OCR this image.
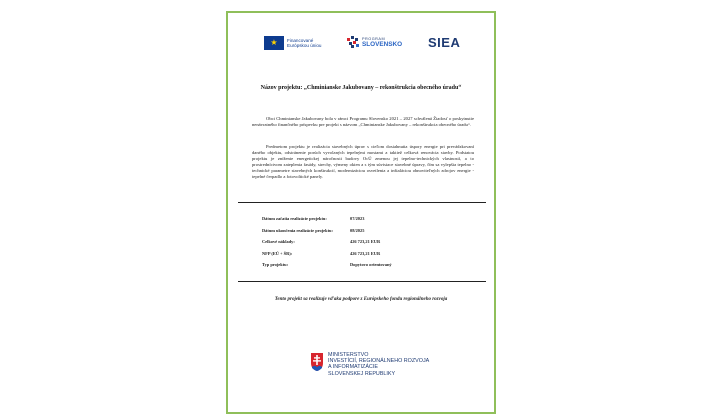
★	Financované
Európskou úniou
PROGRAM
SLOVENSKO SIEA
Názov projektu: „Chminianske Jakubovany – rekonštrukcia obecného úradu“

Obci Chminianske Jakubovany bola v rámci Programu Slovensko 2021 – 2027 schválená Žiadosť o poskytnutie nenávratného finančného príspevku pre projekt s názvom „Chminianske Jakubovany – rekonštrukcia obecného úradu“.

Predmetom projektu je realizácia stavebných úprav s cieľom dosiahnutia úspory energie pri prevádzkovaní daného objektu, odstránenie porúch vyvolaných tepelnými mostami a taktiež celková renovácia stavby. Podstatou projektu je zníženie energetickej náročnosti budovy OcÚ zmenou jej tepelno-technických vlastností, a to prostredníctvom zateplenia fasády, strechy, výmeny okien a s tým súvisiace stavebné úpravy, čím sa vylepšia tepelno - technické parametre stavebných konštrukcií, modernizáciou osvetlenia a inštaláciou obnoviteľných zdrojov energie - tepelné čerpadlo a fotovoltické panely.

Dátum začatia realizácie projektu:	07/2023
Dátum ukončenia realizácie projektu:	08/2025
Celkové náklady:	426 723,21 EUR
NFP (EÚ + ŠR):	426 723,21 EUR
Typ projektu:	Dopytovo orientovaný
Tento projekt sa realizuje vďaka podpore z Európskeho fondu regionálneho rozvoja
MINISTERSTVO
INVESTÍCIÍ, REGIONÁLNEHO ROZVOJA
A INFORMATIZÁCIE
SLOVENSKEJ REPUBLIKY
